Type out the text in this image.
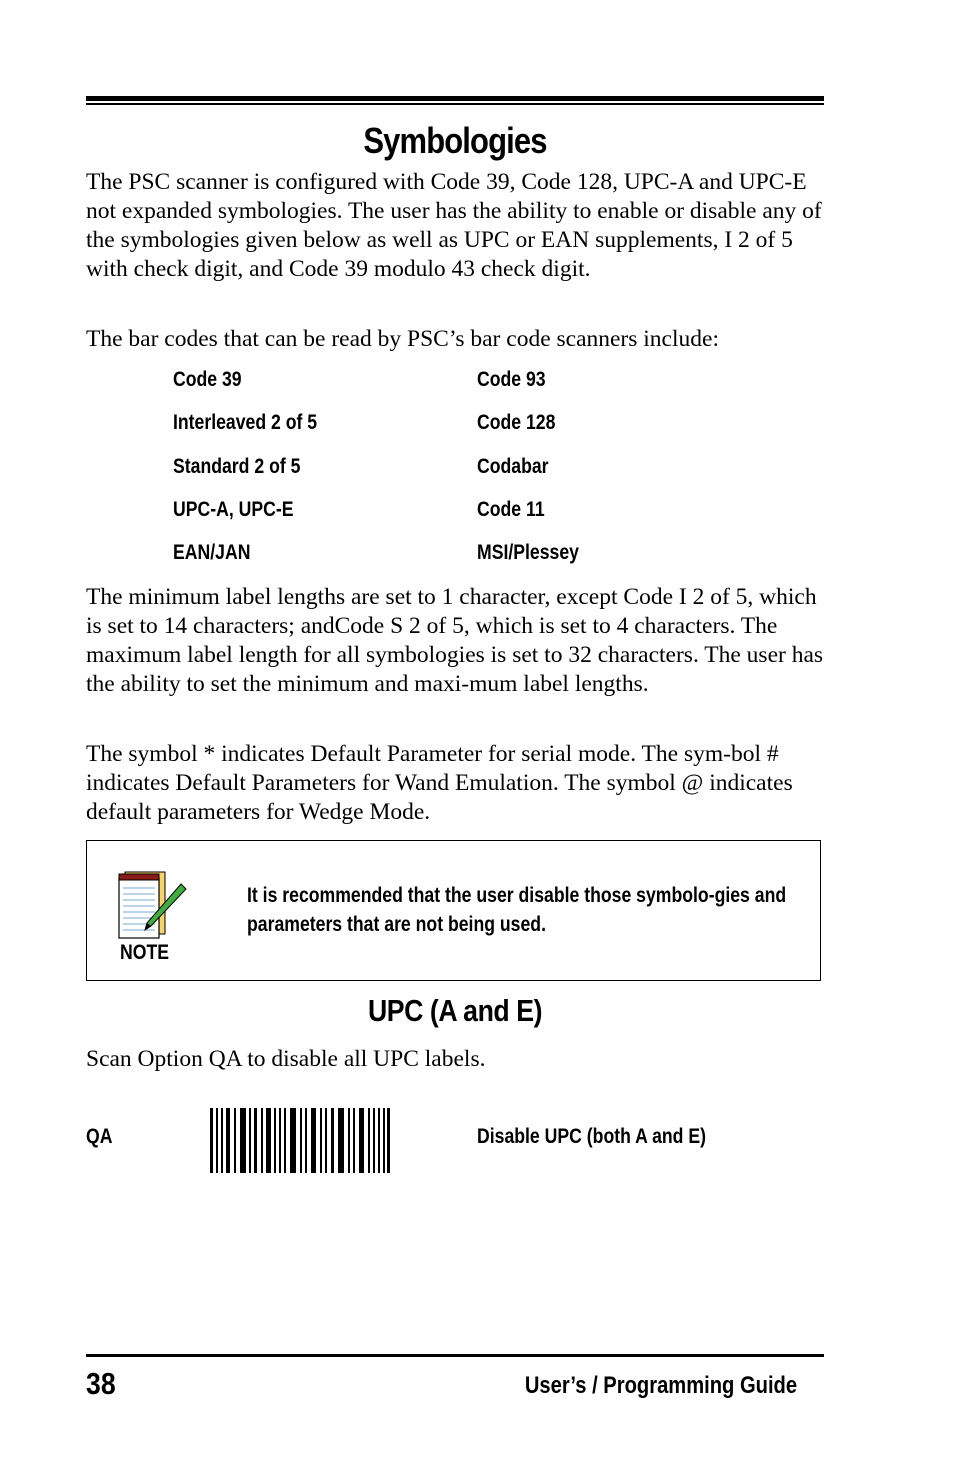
Symbologies

The PSC scanner is configured with Code 39, Code 128, UPC-A and UPC-E not expanded symbologies. The user has the ability to enable or disable any of the symbologies given below as well as UPC or EAN supplements, I 2 of 5 with check digit, and Code 39 modulo 43 check digit.

The bar codes that can be read by PSC’s bar code scanners include:

Code 39
Interleaved 2 of 5
Standard 2 of 5
UPC-A, UPC-E
EAN/JAN
Code 93
Code 128
Codabar
Code 11
MSI/Plessey

The minimum label lengths are set to 1 character, except Code I 2 of 5, which is set to 14 characters; andCode S 2 of 5, which is set to 4 characters. The maximum label length for all symbologies is set to 32 characters. The user has the ability to set the minimum and maxi-mum label lengths.

The symbol * indicates Default Parameter for serial mode. The sym-bol # indicates Default Parameters for Wand Emulation. The symbol @ indicates default parameters for Wedge Mode.

NOTE
It is recommended that the user disable those symbolo-gies and parameters that are not being used.
UPC (A and E)

Scan Option QA to disable all UPC labels.

QA	Disable UPC (both A and E)
38	User’s / Programming Guide
